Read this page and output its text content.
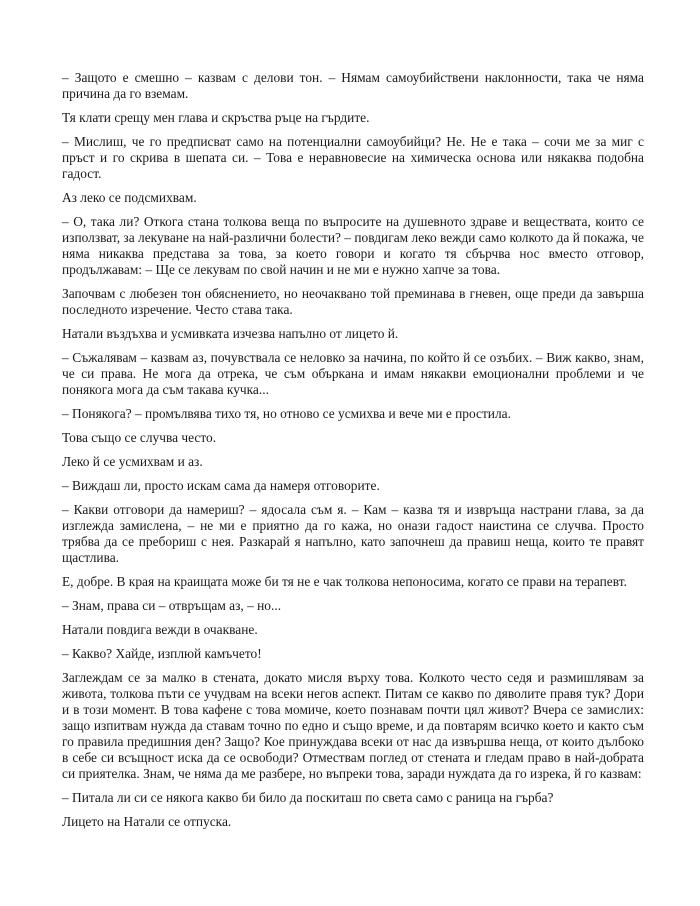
– Защото е смешно – казвам с делови тон. – Нямам самоубийствени наклонности, така че няма причина да го вземам.

Тя клати срещу мен глава и скръства ръце на гърдите.

– Мислиш, че го предписват само на потенциални самоубийци? Не. Не е така – сочи ме за миг с пръст и го скрива в шепата си. – Това е неравновесие на химическа основа или някаква подобна гадост.

Аз леко се подсмихвам.

– О, така ли? Откога стана толкова веща по въпросите на душевното здраве и веществата, които се използват, за лекуване на най-различни болести? – повдигам леко вежди само колкото да й покажа, че няма никаква представа за това, за което говори и когато тя сбърчва нос вместо отговор, продължавам: – Ще се лекувам по свой начин и не ми е нужно хапче за това.

Започвам с любезен тон обяснението, но неочаквано той преминава в гневен, още преди да завърша последното изречение. Често става така.

Натали въздъхва и усмивката изчезва напълно от лицето й.

– Съжалявам – казвам аз, почувствала се неловко за начина, по който й се озъбих. – Виж какво, знам, че си права. Не мога да отрека, че съм объркана и имам някакви емоционални проблеми и че понякога мога да съм такава кучка...

– Понякога? – промълвява тихо тя, но отново се усмихва и вече ми е простила.

Това също се случва често.

Леко й се усмихвам и аз.

– Виждаш ли, просто искам сама да намеря отговорите.

– Какви отговори да намериш? – ядосала съм я. – Кам – казва тя и извръща настрани глава, за да изглежда замислена, – не ми е приятно да го кажа, но онази гадост наистина се случва. Просто трябва да се пребориш с нея. Разкарай я напълно, като започнеш да правиш неща, които те правят щастлива.

Е, добре. В края на краищата може би тя не е чак толкова непоносима, когато се прави на терапевт.

– Знам, права си – отвръщам аз, – но...

Натали повдига вежди в очакване.

– Какво? Хайде, изплюй камъчето!

Заглеждам се за малко в стената, докато мисля върху това. Колкото често седя и размишлявам за живота, толкова пъти се учудвам на всеки негов аспект. Питам се какво по дяволите правя тук? Дори и в този момент. В това кафене с това момиче, което познавам почти цял живот? Вчера се замислих: защо изпитвам нужда да ставам точно по едно и също време, и да повтарям всичко което и както съм го правила предишния ден? Защо? Кое принуждава всеки от нас да извършва неща, от които дълбоко в себе си всъщност иска да се освободи? Отмествам поглед от стената и гледам право в най-добрата си приятелка. Знам, че няма да ме разбере, но въпреки това, заради нуждата да го изрека, й го казвам:

– Питала ли си се някога какво би било да поскиташ по света само с раница на гърба?

Лицето на Натали се отпуска.
